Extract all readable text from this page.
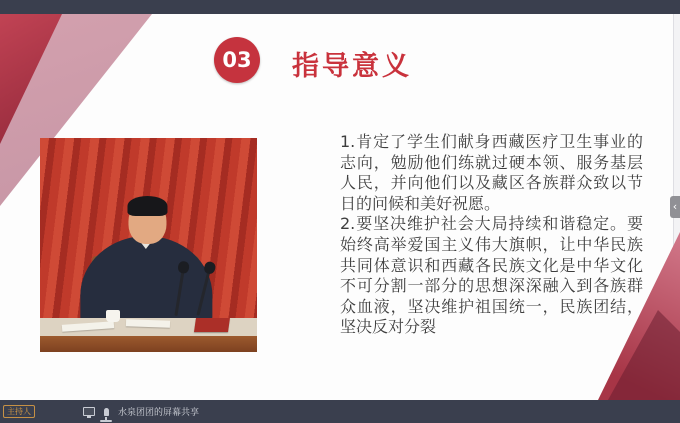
03 指导意义

1.肯定了学生们献身西藏医疗卫生事业的志向，勉励他们练就过硬本领、服务基层人民，并向他们以及藏区各族群众致以节日的问候和美好祝愿。

2.要坚决维护社会大局持续和谐稳定。要始终高举爱国主义伟大旗帜，让中华民族共同体意识和西藏各民族文化是中华文化不可分割一部分的思想深深融入到各族群众血液，坚决维护祖国统一，民族团结，坚决反对分裂

‹
主持人	水泉团团的屏幕共享
